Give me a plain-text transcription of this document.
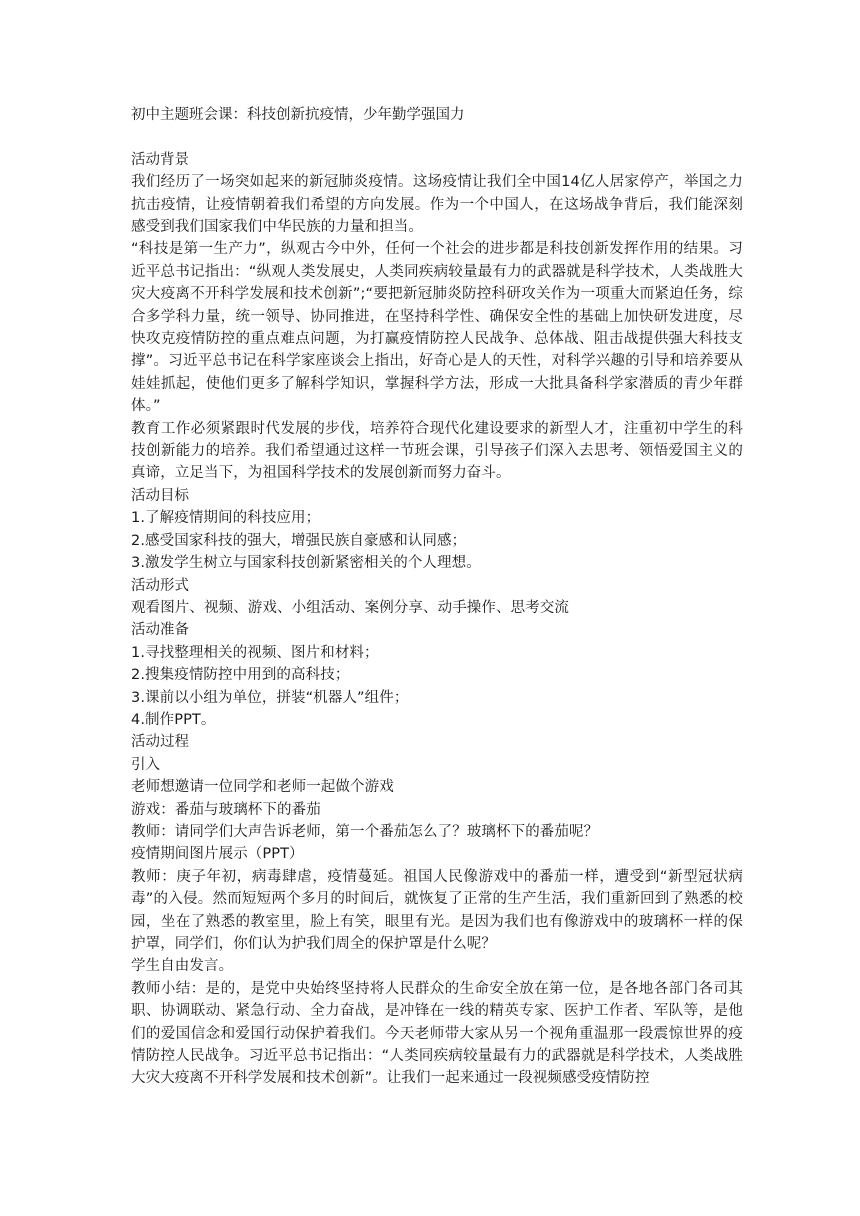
初中主题班会课：科技创新抗疫情，少年勤学强国力

活动背景

我们经历了一场突如起来的新冠肺炎疫情。这场疫情让我们全中国14亿人居家停产，举国之力抗击疫情，让疫情朝着我们希望的方向发展。作为一个中国人，在这场战争背后，我们能深刻感受到我们国家我们中华民族的力量和担当。

“科技是第一生产力”，纵观古今中外，任何一个社会的进步都是科技创新发挥作用的结果。习近平总书记指出：“纵观人类发展史，人类同疾病较量最有力的武器就是科学技术，人类战胜大灾大疫离不开科学发展和技术创新”;“要把新冠肺炎防控科研攻关作为一项重大而紧迫任务，综合多学科力量，统一领导、协同推进，在坚持科学性、确保安全性的基础上加快研发进度，尽快攻克疫情防控的重点难点问题，为打赢疫情防控人民战争、总体战、阻击战提供强大科技支撑”。习近平总书记在科学家座谈会上指出，好奇心是人的天性，对科学兴趣的引导和培养要从娃娃抓起，使他们更多了解科学知识，掌握科学方法，形成一大批具备科学家潜质的青少年群体。”

教育工作必须紧跟时代发展的步伐，培养符合现代化建设要求的新型人才，注重初中学生的科技创新能力的培养。我们希望通过这样一节班会课，引导孩子们深入去思考、领悟爱国主义的真谛，立足当下，为祖国科学技术的发展创新而努力奋斗。

活动目标

1.了解疫情期间的科技应用；

2.感受国家科技的强大，增强民族自豪感和认同感；

3.激发学生树立与国家科技创新紧密相关的个人理想。

活动形式

观看图片、视频、游戏、小组活动、案例分享、动手操作、思考交流

活动准备

1.寻找整理相关的视频、图片和材料；

2.搜集疫情防控中用到的高科技；

3.课前以小组为单位，拼装“机器人”组件；

4.制作PPT。

活动过程

引入

老师想邀请一位同学和老师一起做个游戏

游戏：番茄与玻璃杯下的番茄

教师：请同学们大声告诉老师，第一个番茄怎么了？玻璃杯下的番茄呢？

疫情期间图片展示（PPT）

教师：庚子年初，病毒肆虐，疫情蔓延。祖国人民像游戏中的番茄一样，遭受到“新型冠状病毒”的入侵。然而短短两个多月的时间后，就恢复了正常的生产生活，我们重新回到了熟悉的校园，坐在了熟悉的教室里，脸上有笑，眼里有光。是因为我们也有像游戏中的玻璃杯一样的保护罩，同学们，你们认为护我们周全的保护罩是什么呢？

学生自由发言。

教师小结：是的，是党中央始终坚持将人民群众的生命安全放在第一位，是各地各部门各司其职、协调联动、紧急行动、全力奋战，是冲锋在一线的精英专家、医护工作者、军队等，是他们的爱国信念和爱国行动保护着我们。今天老师带大家从另一个视角重温那一段震惊世界的疫情防控人民战争。习近平总书记指出：“人类同疾病较量最有力的武器就是科学技术，人类战胜大灾大疫离不开科学发展和技术创新”。让我们一起来通过一段视频感受疫情防控
